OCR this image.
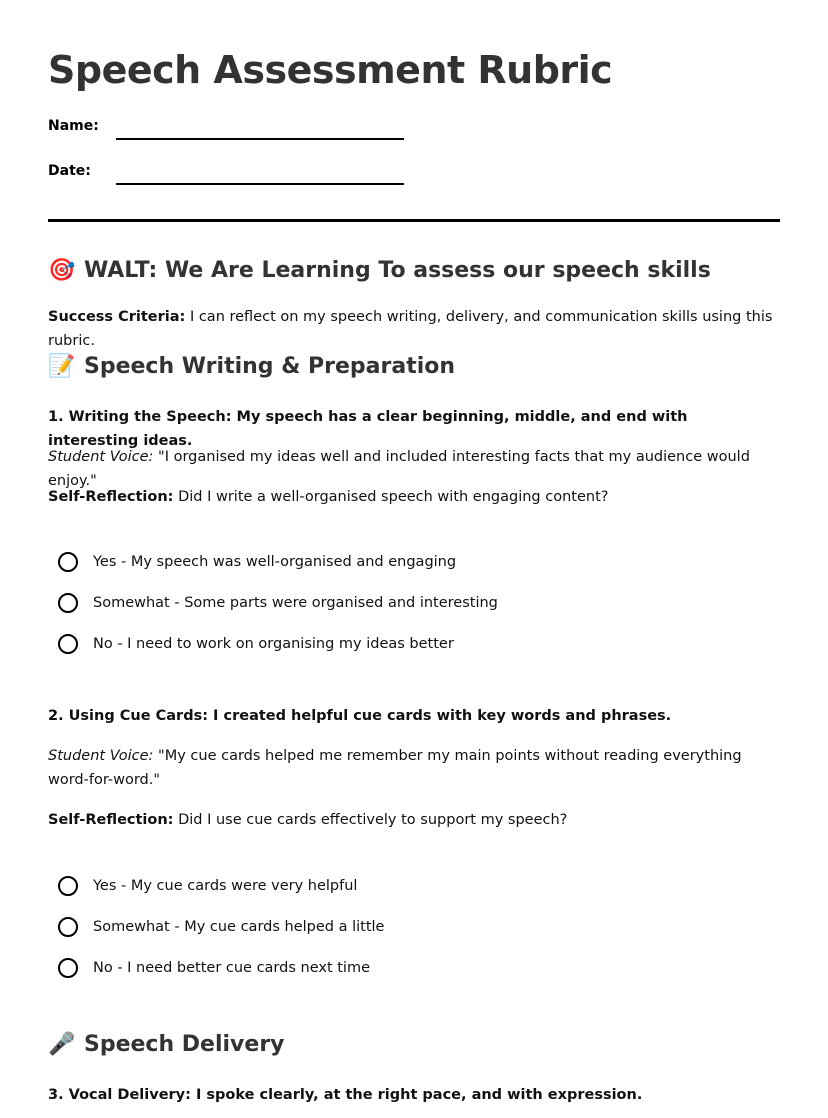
Speech Assessment Rubric
Name:
Date:
🎯 WALT: We Are Learning To assess our speech skills
Success Criteria: I can reflect on my speech writing, delivery, and communication skills using this rubric.
📝 Speech Writing & Preparation
1. Writing the Speech: My speech has a clear beginning, middle, and end with interesting ideas.
Student Voice: "I organised my ideas well and included interesting facts that my audience would enjoy."
Self-Reflection: Did I write a well-organised speech with engaging content?
Yes - My speech was well-organised and engaging
Somewhat - Some parts were organised and interesting
No - I need to work on organising my ideas better
2. Using Cue Cards: I created helpful cue cards with key words and phrases.
Student Voice: "My cue cards helped me remember my main points without reading everything word-for-word."
Self-Reflection: Did I use cue cards effectively to support my speech?
Yes - My cue cards were very helpful
Somewhat - My cue cards helped a little
No - I need better cue cards next time
🎤 Speech Delivery
3. Vocal Delivery: I spoke clearly, at the right pace, and with expression.
